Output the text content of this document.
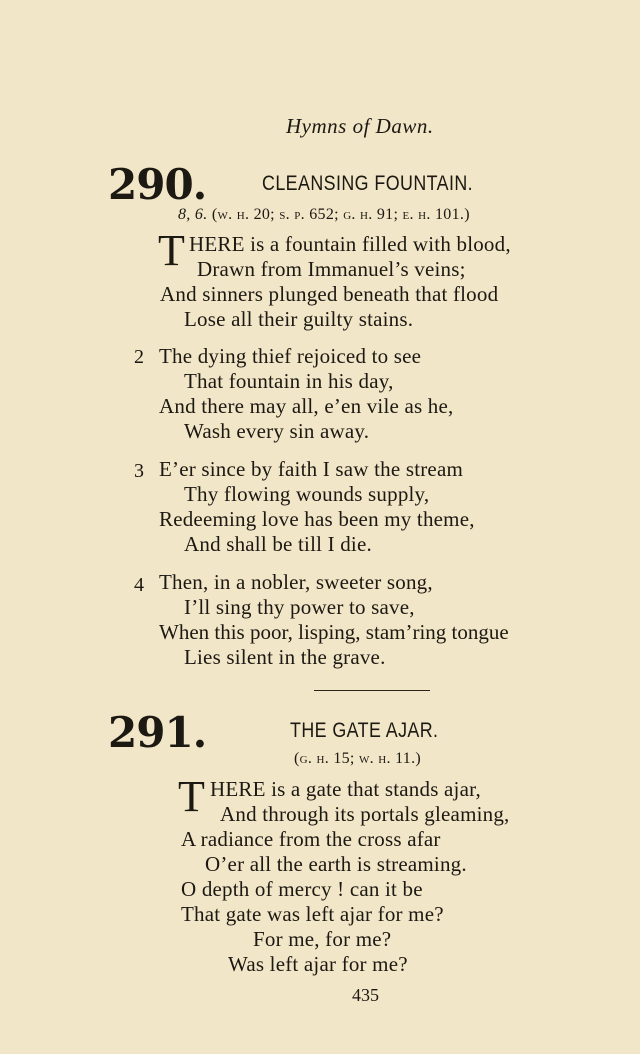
Hymns of Dawn.
290.	CLEANSING FOUNTAIN.
8, 6. (w. h. 20; s. p. 652; g. h. 91; e. h. 101.)
T HERE is a fountain filled with blood,
Drawn from Immanuel’s veins;
And sinners plunged beneath that flood
Lose all their guilty stains.
2 The dying thief rejoiced to see
That fountain in his day,
And there may all, e’en vile as he,
Wash every sin away.
3 E’er since by faith I saw the stream
Thy flowing wounds supply,
Redeeming love has been my theme,
And shall be till I die.
4 Then, in a nobler, sweeter song,
I’ll sing thy power to save,
When this poor, lisping, stam’ring tongue
Lies silent in the grave.
291.	THE GATE AJAR.
(g. h. 15; w. h. 11.)
T HERE is a gate that stands ajar,
And through its portals gleaming,
A radiance from the cross afar
O’er all the earth is streaming.
O depth of mercy ! can it be
That gate was left ajar for me?
For me, for me?
Was left ajar for me?
435
